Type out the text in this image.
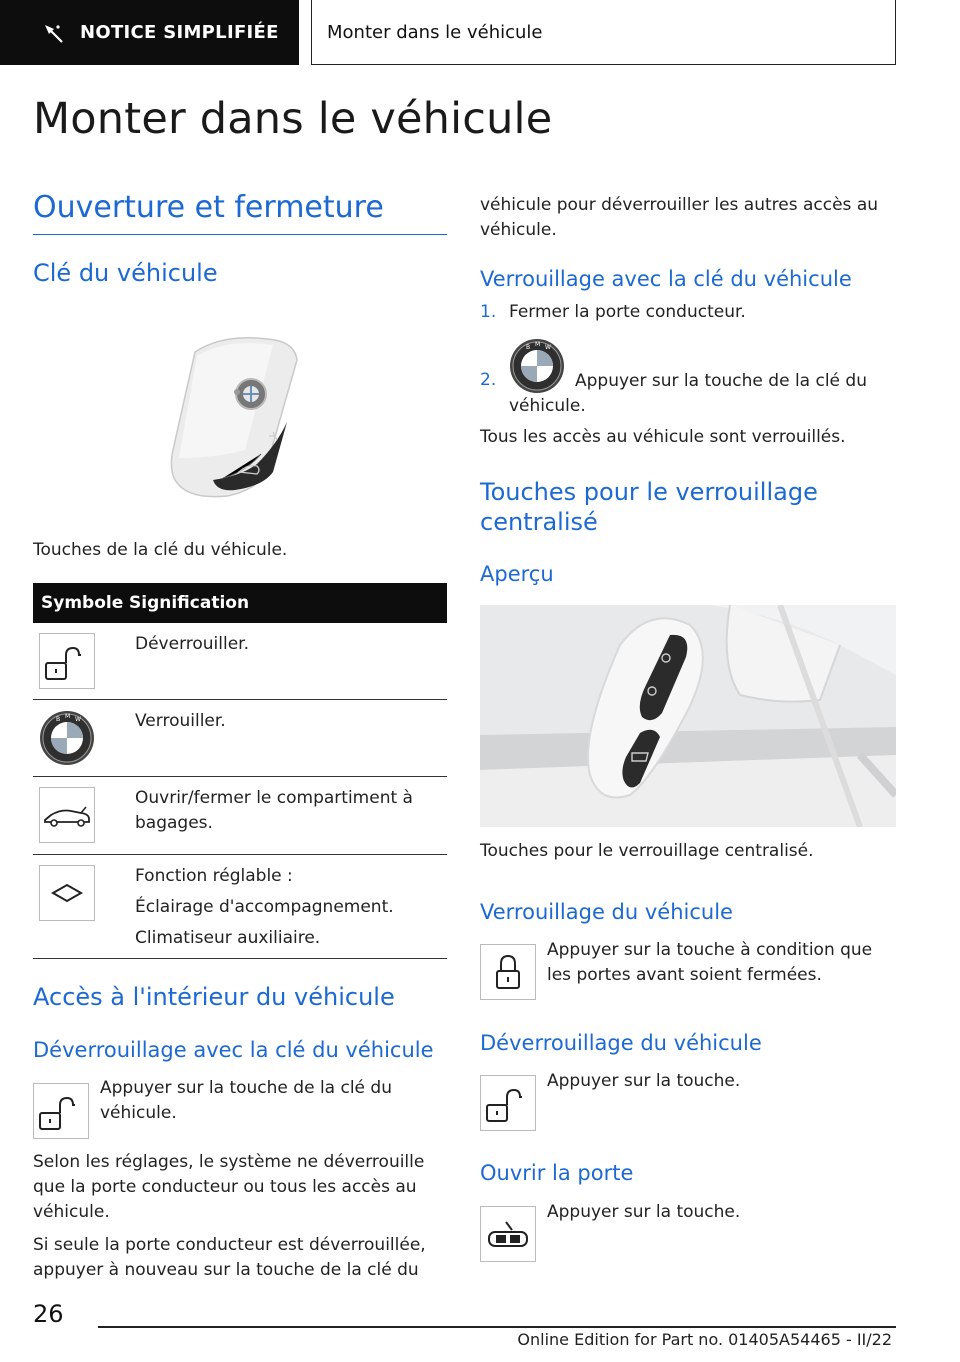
NOTICE SIMPLIFIÉE	Monter dans le véhicule
Monter dans le véhicule
Ouverture et fermeture
Clé du véhicule

Touches de la clé du véhicule.

Symbole Signification
Déverrouiller.
B M W	Verrouiller.
Ouvrir/fermer le compartiment à bagages.
Fonction réglable :
Éclairage d'accompagnement.
Climatiseur auxiliaire.
Accès à l'intérieur du véhicule
Déverrouillage avec la clé du véhicule

Appuyer sur la touche de la clé du véhicule.

Selon les réglages, le système ne déverrouille que la porte conducteur ou tous les accès au véhicule.

Si seule la porte conducteur est déverrouillée, appuyer à nouveau sur la touche de la clé du

véhicule pour déverrouiller les autres accès au véhicule.

Verrouillage avec la clé du véhicule
1. Fermer la porte conducteur.

2.
B M W

Appuyer sur la touche de la clé du véhicule.

Tous les accès au véhicule sont verrouillés.

Touches pour le verrouillage centralisé
Aperçu

Touches pour le verrouillage centralisé.

Verrouillage du véhicule

Appuyer sur la touche à condition que les portes avant soient fermées.

Déverrouillage du véhicule

Appuyer sur la touche.

Ouvrir la porte

Appuyer sur la touche.

26
Online Edition for Part no. 01405A54465 - II/22
